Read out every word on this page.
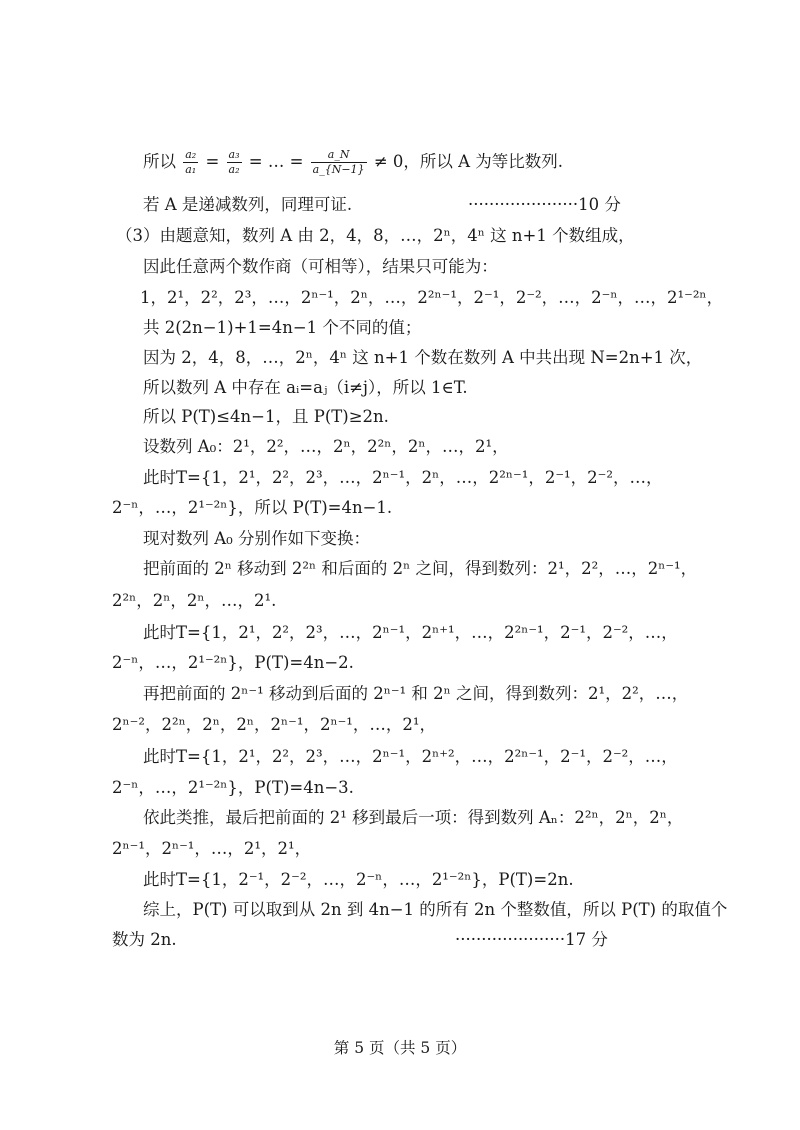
所以 $\frac{\text{a₂}}{\text{a₁}} = \frac{\text{a₃}}{\text{a₂}}$ = … = $\frac{a\_N}{a\_\{N-1\}} \ne 0$，所以 A 为等比数列.
若 A 是递减数列，同理可证.	·····················10 分
（3）由题意知，数列 A 由 2，4，8，…，2ⁿ，4ⁿ 这 n+1 个数组成，
因此任意两个数作商（可相等），结果只可能为：
1，2¹，2²，2³，…，2ⁿ⁻¹，2ⁿ，…，2²ⁿ⁻¹，2⁻¹，2⁻²，…，2⁻ⁿ，…，2¹⁻²ⁿ，
共 2(2n−1)+1=4n−1 个不同的值；
因为 2，4，8，…，2ⁿ，4ⁿ 这 n+1 个数在数列 A 中共出现 N=2n+1 次，
所以数列 A 中存在 aᵢ=aⱼ（i≠j），所以 1∈T.
所以 P(T)≤4n−1，且 P(T)≥2n.
设数列 A₀：2¹，2²，…，2ⁿ，2²ⁿ，2ⁿ，…，2¹，
此时T={1，2¹，2²，2³，…，2ⁿ⁻¹，2ⁿ，…，2²ⁿ⁻¹，2⁻¹，2⁻²，…，
2⁻ⁿ，…，2¹⁻²ⁿ}，所以 P(T)=4n−1.
现对数列 A₀ 分别作如下变换：
把前面的 2ⁿ 移动到 2²ⁿ 和后面的 2ⁿ 之间，得到数列：2¹，2²，…，2ⁿ⁻¹，
2²ⁿ，2ⁿ，2ⁿ，…，2¹.
此时T={1，2¹，2²，2³，…，2ⁿ⁻¹，2ⁿ⁺¹，…，2²ⁿ⁻¹，2⁻¹，2⁻²，…，
2⁻ⁿ，…，2¹⁻²ⁿ}，P(T)=4n−2.
再把前面的 2ⁿ⁻¹ 移动到后面的 2ⁿ⁻¹ 和 2ⁿ 之间，得到数列：2¹，2²，…，
2ⁿ⁻²，2²ⁿ，2ⁿ，2ⁿ，2ⁿ⁻¹，2ⁿ⁻¹，…，2¹，
此时T={1，2¹，2²，2³，…，2ⁿ⁻¹，2ⁿ⁺²，…，2²ⁿ⁻¹，2⁻¹，2⁻²，…，
2⁻ⁿ，…，2¹⁻²ⁿ}，P(T)=4n−3.
依此类推，最后把前面的 2¹ 移到最后一项：得到数列 Aₙ：2²ⁿ，2ⁿ，2ⁿ，
2ⁿ⁻¹，2ⁿ⁻¹，…，2¹，2¹，
此时T={1，2⁻¹，2⁻²，…，2⁻ⁿ，…，2¹⁻²ⁿ}，P(T)=2n.
综上，P(T) 可以取到从 2n 到 4n−1 的所有 2n 个整数值，所以 P(T) 的取值个
数为 2n.	·····················17 分
第 5 页（共 5 页）
